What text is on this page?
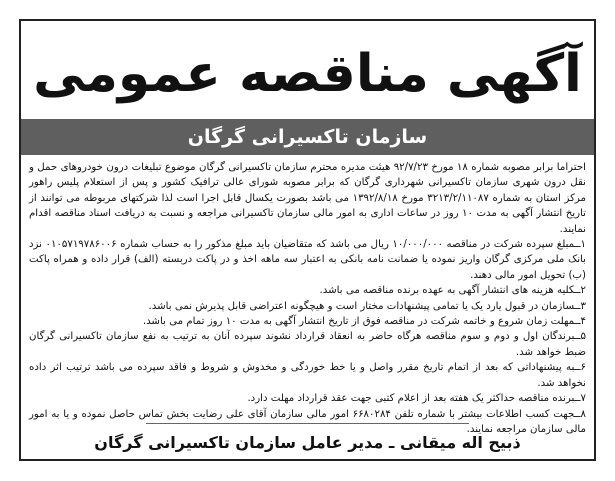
آگهی مناقصه عمومی
سازمان تاکسیرانی گرگان

احتراما برابر مصوبه شماره ۱۸ مورخ ۹۲/۷/۲۳ هیئت مدیره محترم سازمان تاکسیرانی گرگان موضوع تبلیغات درون خودروهای حمل و نقل درون شهری سازمان تاکسیرانی شهرداری گرگان که برابر مصوبه شورای عالی ترافیک کشور و پس از استعلام پلیس راهور مرکز استان به شماره ۳۲۱۳/۲/۱۱۰۸۷ مورخ ۱۳۹۲/۸/۱۸ می باشد بصورت یکسال قابل اجرا است لذا شرکتهای مربوطه می توانند از تاریخ انتشار آگهی به مدت ۱۰ روز در ساعات اداری به امور مالی سازمان تاکسیرانی مراجعه و نسبت به دریافت اسناد مناقصه اقدام نمایند.

۱ــمبلغ سپرده شرکت در مناقصه ۱۰/۰۰۰/۰۰۰ ریال می باشد که متقاضیان باید مبلغ مذکور را به حساب شماره ۰۱۰۵۷۱۹۷۸۶۰۰۶ نزد بانک ملی مرکزی گرگان واریز نموده یا ضمانت نامه بانکی به اعتبار سه ماهه اخذ و در پاکت دربسته (الف) قرار داده و همراه پاکت (ب) تحویل امور مالی دهند.

۲ــکلیه هزینه های انتشار آگهی به عهده برنده مناقصه می باشد.

۳ــسازمان در قبول یارد یک یا تمامی پیشنهادات مختار است و هیچگونه اعتراضی قابل پذیرش نمی باشد.

۴ــمهلت زمان شروع و خاتمه شرکت در مناقصه فوق از تاریخ انتشار آگهی به مدت ۱۰ روز تمام می باشد.

۵ــبرندگان اول و دوم و سوم مناقصه هرگاه حاضر به انعقاد قرارداد نشوند سپرده آنان به ترتیب به نفع سازمان تاکسیرانی گرگان ضبط خواهد شد.

۶ــبه پیشنهاداتی که بعد از اتمام تاریخ مقرر واصل و یا خط خوردگی و مخدوش و شروط و فاقد سپرده می باشد ترتیب اثر داده نخواهد شد.

۷ــبرنده مناقصه حداکثر یک هفته بعد از اعلام کتبی جهت عقد قرارداد مهلت دارد.

۸ــجهت کسب اطلاعات بیشتر با شماره تلفن ۶۶۸۰۲۸۴ امور مالی سازمان آقای علی رضایت بخش تماس حاصل نموده و یا به امور مالی سازمان مراجعه نمایند.

ذبیح اله میقانی ـ مدیر عامل سازمان تاکسیرانی گرگان
